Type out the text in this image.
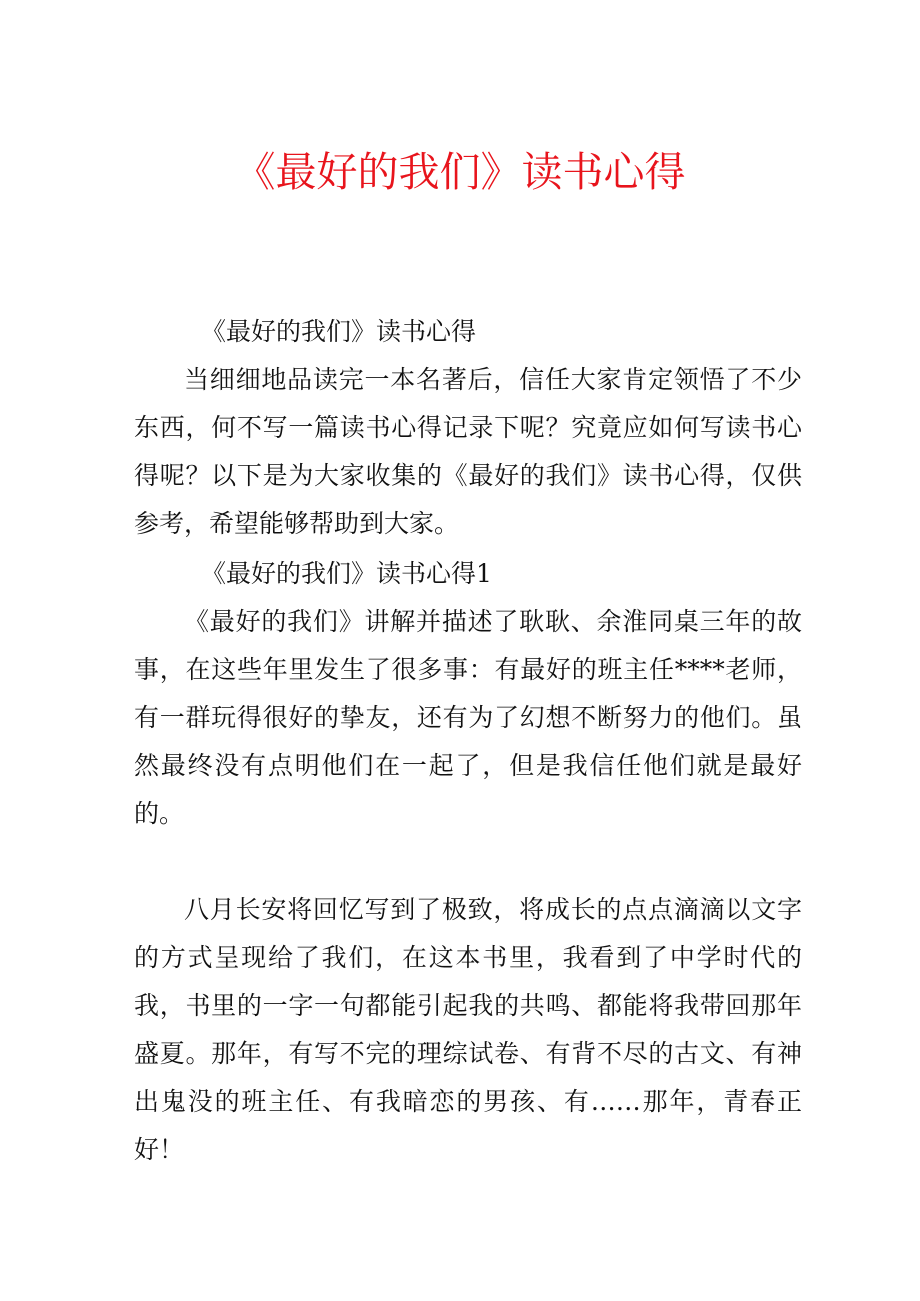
《最好的我们》读书心得

《最好的我们》读书心得

当细细地品读完一本名著后，信任大家肯定领悟了不少东西，何不写一篇读书心得记录下呢？究竟应如何写读书心得呢？以下是为大家收集的《最好的我们》读书心得，仅供参考，希望能够帮助到大家。

《最好的我们》读书心得1

《最好的我们》讲解并描述了耿耿、余淮同桌三年的故事，在这些年里发生了很多事：有最好的班主任****老师，有一群玩得很好的挚友，还有为了幻想不断努力的他们。虽然最终没有点明他们在一起了，但是我信任他们就是最好的。

八月长安将回忆写到了极致，将成长的点点滴滴以文字的方式呈现给了我们，在这本书里，我看到了中学时代的我，书里的一字一句都能引起我的共鸣、都能将我带回那年盛夏。那年，有写不完的理综试卷、有背不尽的古文、有神出鬼没的班主任、有我暗恋的男孩、有……那年，青春正好！
